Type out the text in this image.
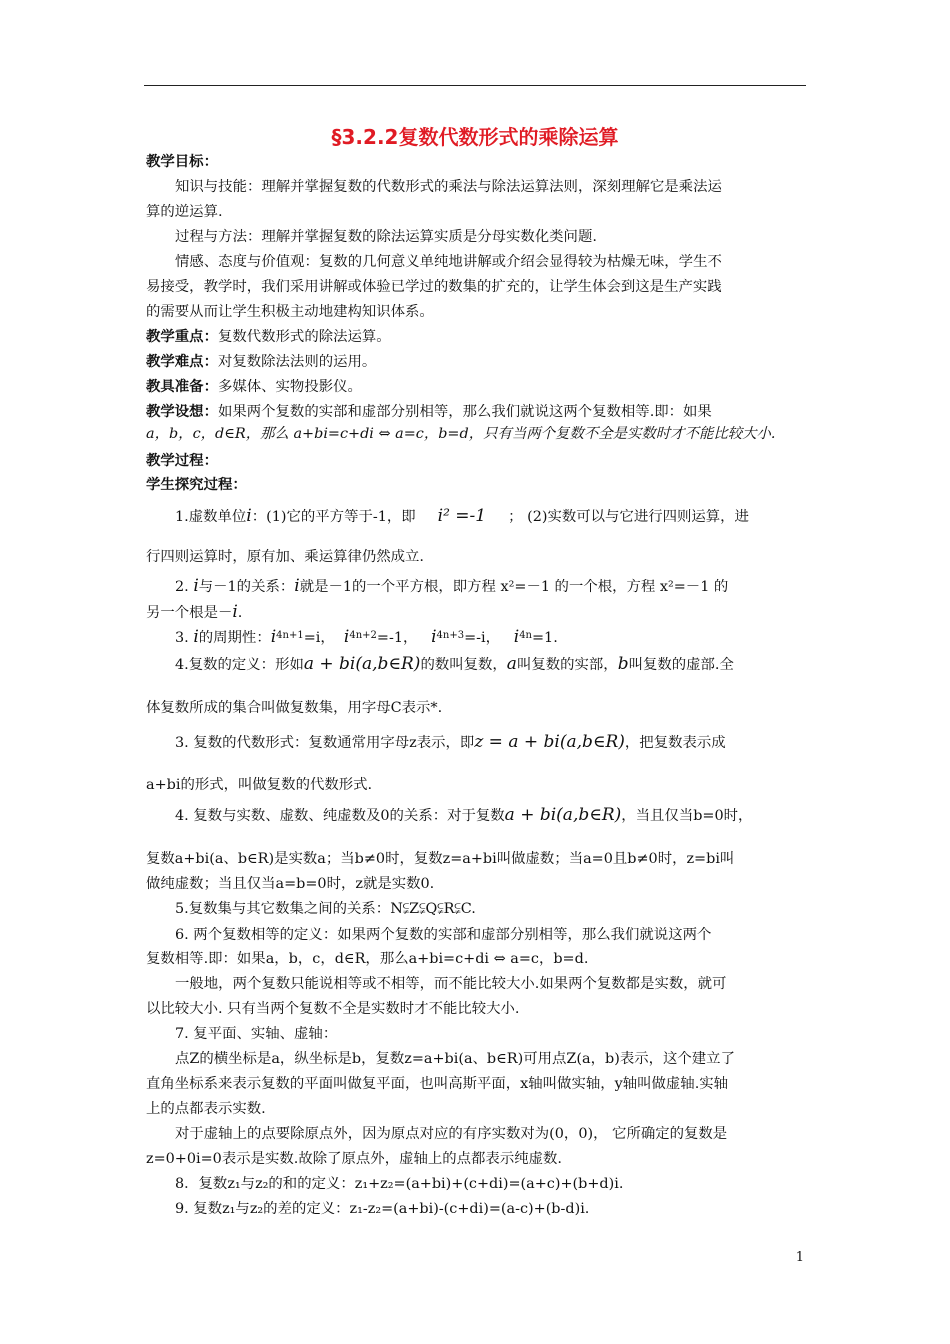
§3.2.2复数代数形式的乘除运算
教学目标：
知识与技能：理解并掌握复数的代数形式的乘法与除法运算法则，深刻理解它是乘法运
算的逆运算.
过程与方法：理解并掌握复数的除法运算实质是分母实数化类问题.
情感、态度与价值观：复数的几何意义单纯地讲解或介绍会显得较为枯燥无味，学生不
易接受，教学时，我们采用讲解或体验已学过的数集的扩充的，让学生体会到这是生产实践
的需要从而让学生积极主动地建构知识体系。
教学重点：复数代数形式的除法运算。
教学难点：对复数除法法则的运用。
教具准备：多媒体、实物投影仪。
教学设想：如果两个复数的实部和虚部分别相等，那么我们就说这两个复数相等.即：如果
a，b，c，d∈R，那么 a+bi=c+di ⇔ a=c，b=d，只有当两个复数不全是实数时才不能比较大小.
教学过程：
学生探究过程：
1.虚数单位i：(1)它的平方等于-1，即 i² =-1 ； (2)实数可以与它进行四则运算，进
行四则运算时，原有加、乘运算律仍然成立.
2. i与－1的关系：i就是－1的一个平方根，即方程 x²=－1 的一个根，方程 x²=－1 的
另一个根是－i.
3. i的周期性：$i^{4n+1}=i$， $i^{4n+2}=-1$， $i^{4n+3}=-i$， $i^{4n}=1$.
4.复数的定义：形如a + bi(a,b∈R)的数叫复数，a叫复数的实部，b叫复数的虚部.全
体复数所成的集合叫做复数集，用字母C表示*.
3. 复数的代数形式：复数通常用字母z表示，即z = a + bi(a,b∈R)，把复数表示成
a+bi的形式，叫做复数的代数形式.
4. 复数与实数、虚数、纯虚数及0的关系：对于复数a + bi(a,b∈R)，当且仅当b=0时，
复数a+bi(a、b∈R)是实数a；当b≠0时，复数z=a+bi叫做虚数；当a=0且b≠0时，z=bi叫
做纯虚数；当且仅当a=b=0时，z就是实数0.
5.复数集与其它数集之间的关系：N⫋Z⫋Q⫋R⫋C.
6. 两个复数相等的定义：如果两个复数的实部和虚部分别相等，那么我们就说这两个
复数相等.即：如果a，b，c，d∈R，那么a+bi=c+di ⇔ a=c，b=d.
一般地，两个复数只能说相等或不相等，而不能比较大小.如果两个复数都是实数，就可
以比较大小. 只有当两个复数不全是实数时才不能比较大小.
7. 复平面、实轴、虚轴：
点Z的横坐标是a，纵坐标是b，复数z=a+bi(a、b∈R)可用点Z(a，b)表示，这个建立了
直角坐标系来表示复数的平面叫做复平面，也叫高斯平面，x轴叫做实轴，y轴叫做虚轴.实轴
上的点都表示实数.
对于虚轴上的点要除原点外，因为原点对应的有序实数对为(0，0)， 它所确定的复数是
z=0+0i=0表示是实数.故除了原点外，虚轴上的点都表示纯虚数.
8．复数z₁与z₂的和的定义：z₁+z₂=(a+bi)+(c+di)=(a+c)+(b+d)i.
9. 复数z₁与z₂的差的定义：z₁-z₂=(a+bi)-(c+di)=(a-c)+(b-d)i.
1
